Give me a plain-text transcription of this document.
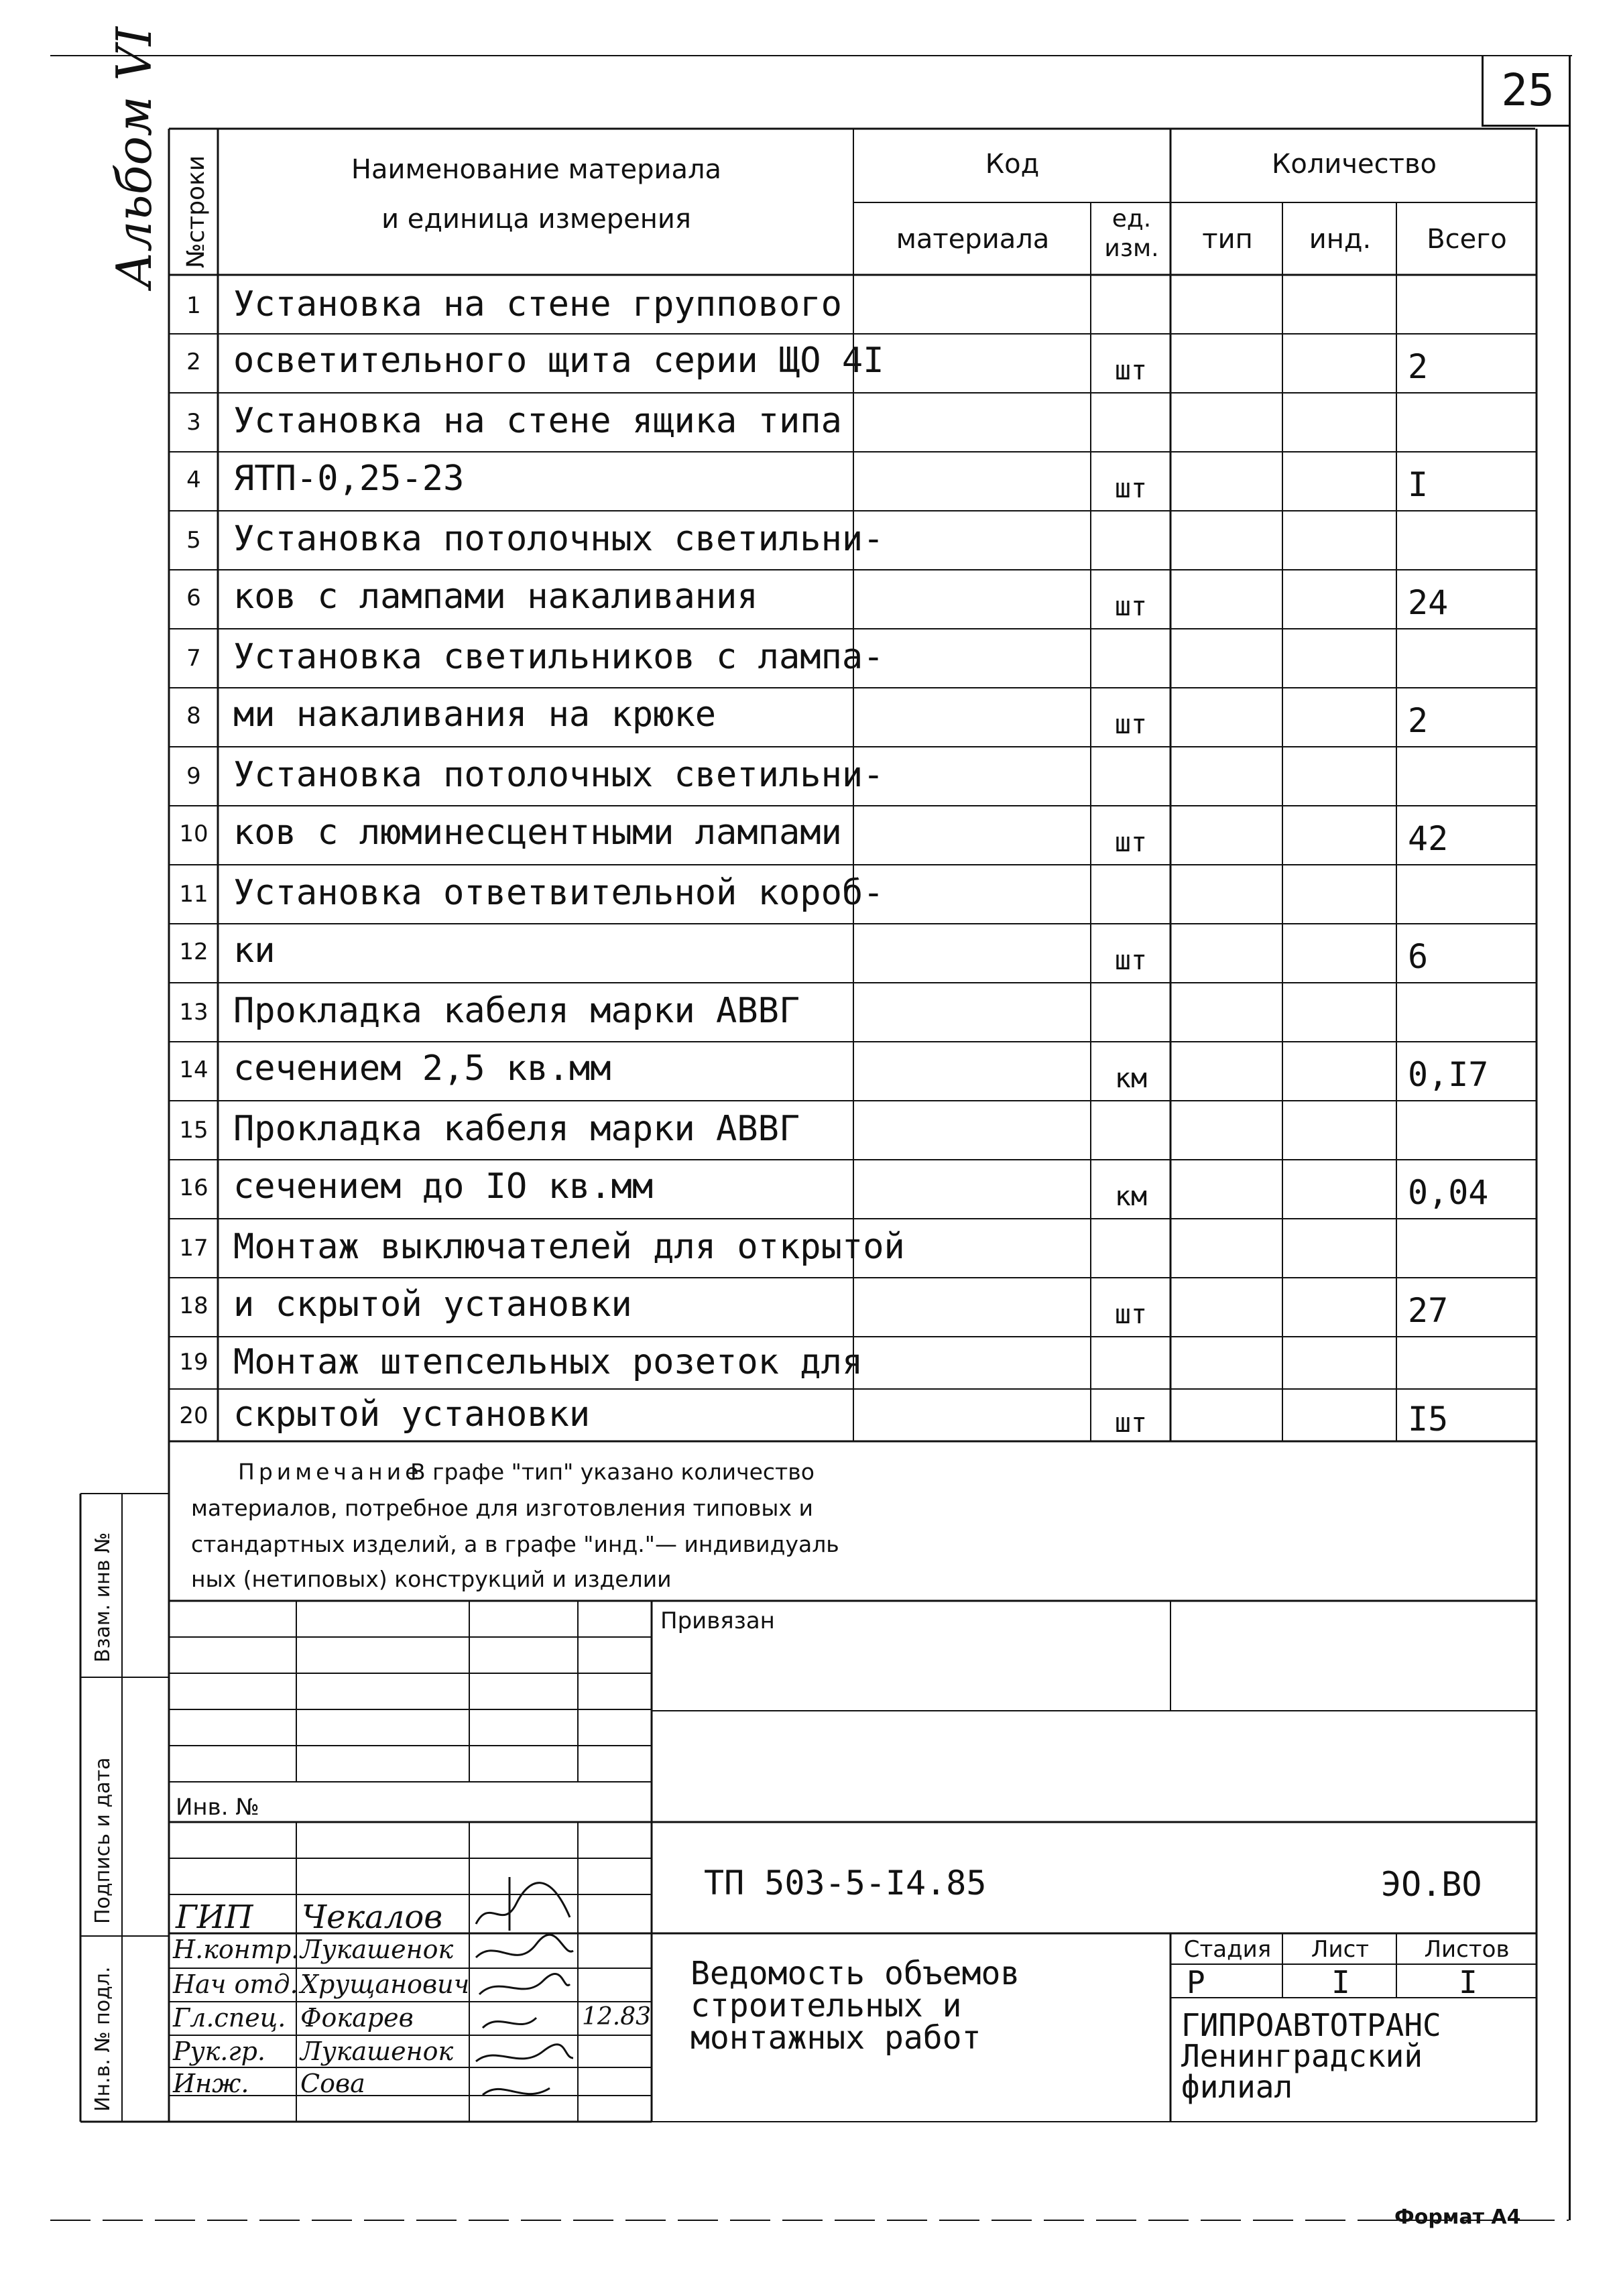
25
Альбом VI №строки	Наименование материала
и единица измерения
Код	Количество
материала
ед. изм.	тип	инд.	Всего
1 Установка на стене группового
2 осветительного щита серии ЩО 4I	шт	2
3 Установка на стене ящика типа
4 ЯТП-0,25-23	шт	I
5 Установка потолочных светильни-
6 ков с лампами накаливания	шт	24
7 Установка светильников с лампа-
8 ми накаливания на крюке	шт	2
9 Установка потолочных светильни-
10 ков с люминесцентными лампами	шт	42
11 Установка ответвительной короб-
12 ки	шт	6
13 Прокладка кабеля марки АВВГ
14 сечением 2,5 кв.мм	км	0,I7
15 Прокладка кабеля марки АВВГ
16 сечением до IO кв.мм	км	0,04
17 Монтаж выключателей для открытой
18 и скрытой установки	шт	27
19 Монтаж штепсельных розеток для
20 скрытой установки	шт	I5
Примечание
В графе "тип" указано количество
материалов, потребное для изготовления типовых и
стандартных изделий, а в графе "инд."— индивидуаль
ных (нетиповых) конструкций и изделии
Взам. инв №
Подпись и дата
Ин.в. № подл.
Привязан
Инв. №
ТП 503-5-I4.85	ЭО.ВО
Ведомость объемов
строительных и
монтажных работ
Стадия	Лист	Листов
Р	I	I
ГИПРОАВТОТРАНС
Ленинградский
филиал
ГИП Чекалов
Н.контр. Лукашенок
Нач отд. Хрущанович
Гл.спец. Фокарев
Рук.гр. Лукашенок
Инж. Сова
12.83
Формат А4
